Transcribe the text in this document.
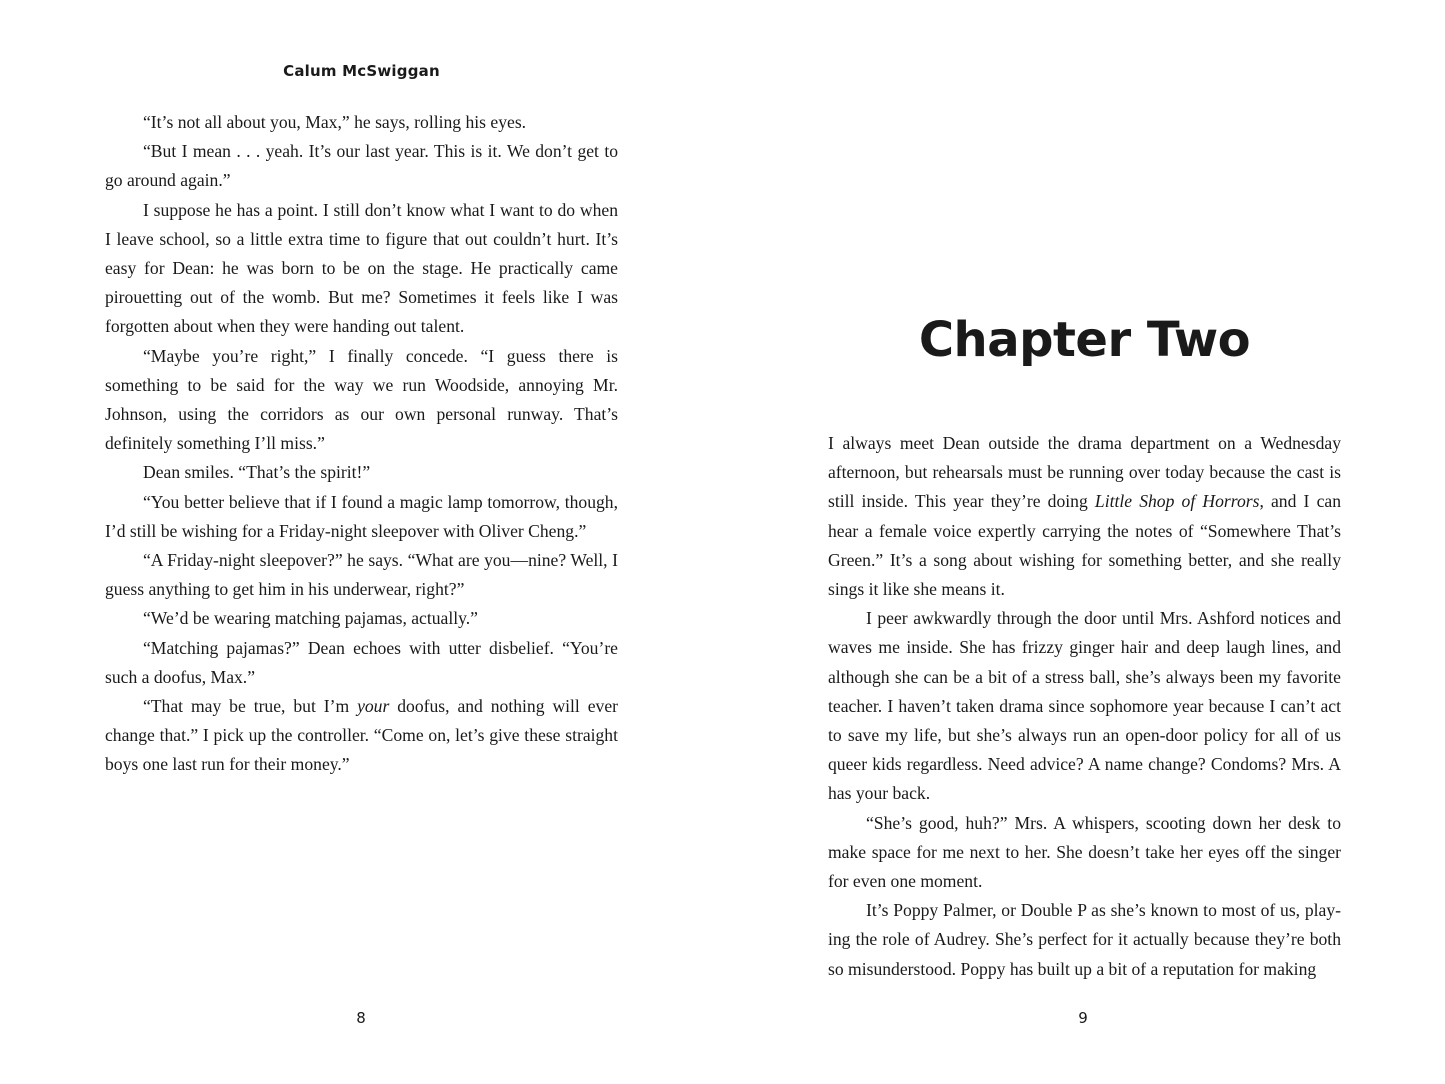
Calum McSwiggan

“It’s not all about you, Max,” he says, rolling his eyes.

“But I mean . . . yeah. It’s our last year. This is it. We don’t get to go around again.”

I suppose he has a point. I still don’t know what I want to do when I leave school, so a little extra time to figure that out couldn’t hurt. It’s easy for Dean: he was born to be on the stage. He practically came pirouetting out of the womb. But me? Sometimes it feels like I was forgotten about when they were handing out talent.

“Maybe you’re right,” I finally concede. “I guess there is something to be said for the way we run Woodside, annoying Mr. Johnson, using the corridors as our own personal runway. That’s definitely something I’ll miss.”

Dean smiles. “That’s the spirit!”

“You better believe that if I found a magic lamp tomorrow, though, I’d still be wishing for a Friday-night sleepover with Oliver Cheng.”

“A Friday-night sleepover?” he says. “What are you—nine? Well, I guess anything to get him in his underwear, right?”

“We’d be wearing matching pajamas, actually.”

“Matching pajamas?” Dean echoes with utter disbelief. “You’re such a doofus, Max.”

“That may be true, but I’m your doofus, and nothing will ever change that.” I pick up the controller. “Come on, let’s give these straight boys one last run for their money.”

8
Chapter Two

I always meet Dean outside the drama department on a Wednesday afternoon, but rehearsals must be running over today because the cast is still inside. This year they’re doing Little Shop of Horrors, and I can hear a female voice expertly carrying the notes of “Somewhere That’s Green.” It’s a song about wishing for something better, and she really sings it like she means it.

I peer awkwardly through the door until Mrs. Ashford notices and waves me inside. She has frizzy ginger hair and deep laugh lines, and although she can be a bit of a stress ball, she’s always been my favorite teacher. I haven’t taken drama since sophomore year because I can’t act to save my life, but she’s always run an open-door policy for all of us queer kids regardless. Need advice? A name change? Condoms? Mrs. A has your back.

“She’s good, huh?” Mrs. A whispers, scooting down her desk to make space for me next to her. She doesn’t take her eyes off the singer for even one moment.

It’s Poppy Palmer, or Double P as she’s known to most of us, playing the role of Audrey. She’s perfect for it actually because they’re both so misunderstood. Poppy has built up a bit of a reputation for making

9
